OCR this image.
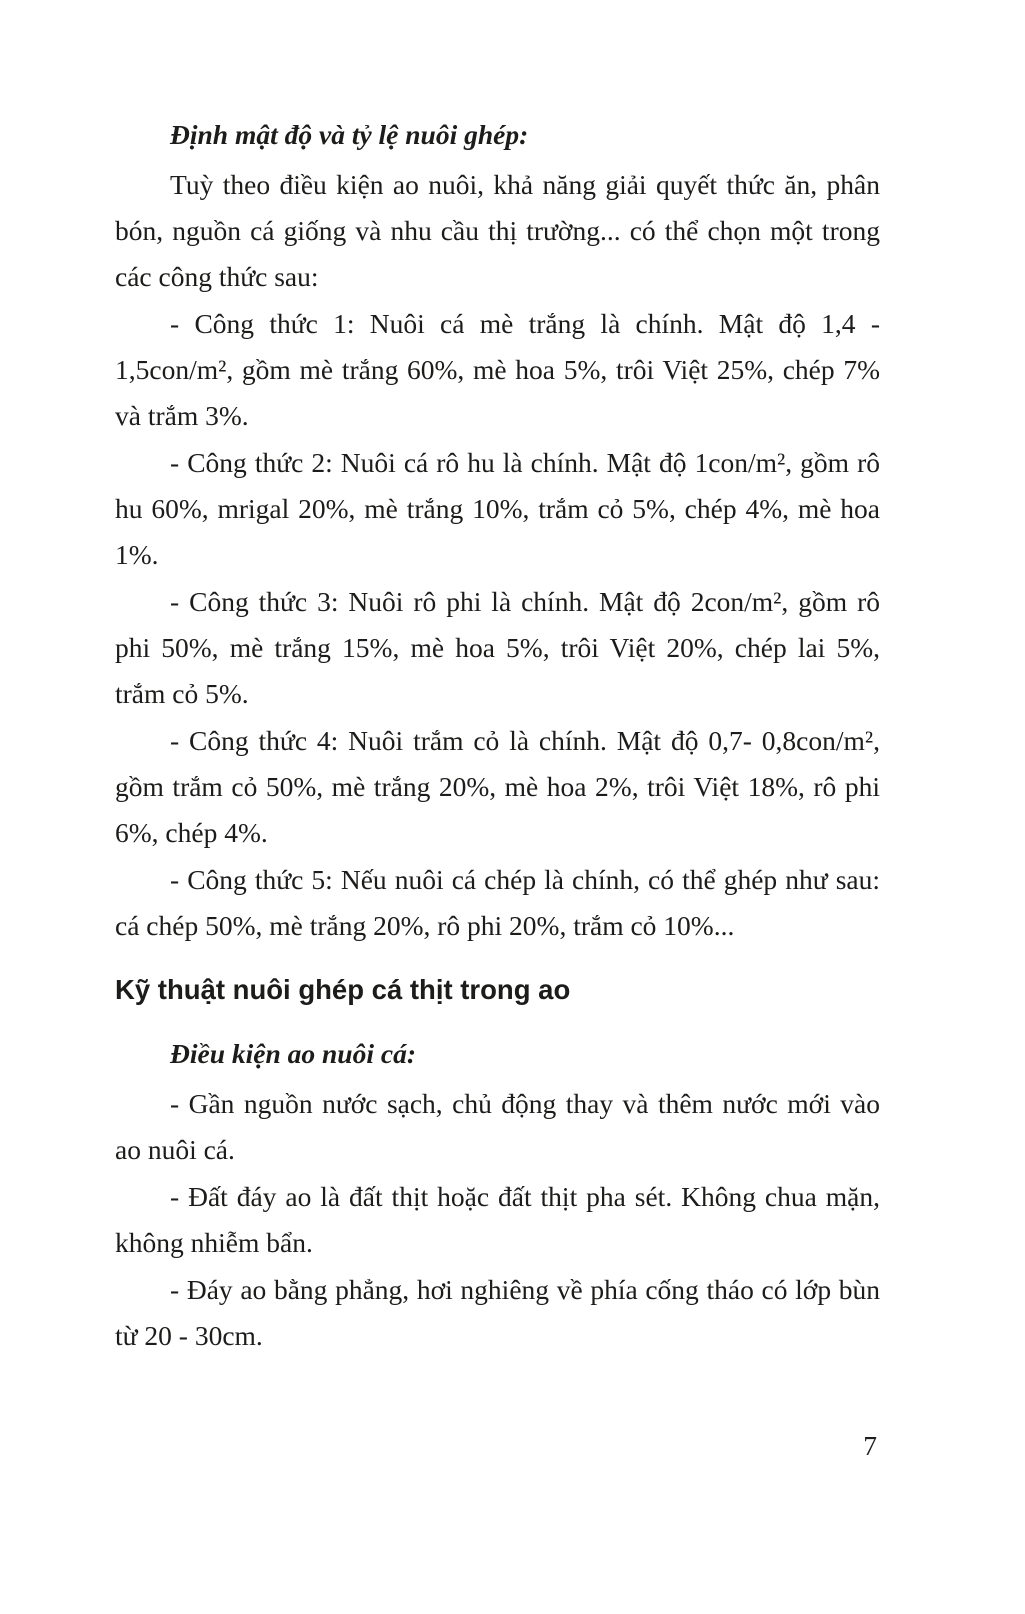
Định mật độ và tỷ lệ nuôi ghép:

Tuỳ theo điều kiện ao nuôi, khả năng giải quyết thức ăn, phân bón, nguồn cá giống và nhu cầu thị trường... có thể chọn một trong các công thức sau:

- Công thức 1: Nuôi cá mè trắng là chính. Mật độ 1,4 - 1,5con/m², gồm mè trắng 60%, mè hoa 5%, trôi Việt 25%, chép 7% và trắm 3%.

- Công thức 2: Nuôi cá rô hu là chính. Mật độ 1con/m², gồm rô hu 60%, mrigal 20%, mè trắng 10%, trắm cỏ 5%, chép 4%, mè hoa 1%.

- Công thức 3: Nuôi rô phi là chính. Mật độ 2con/m², gồm rô phi 50%, mè trắng 15%, mè hoa 5%, trôi Việt 20%, chép lai 5%, trắm cỏ 5%.

- Công thức 4: Nuôi trắm cỏ là chính. Mật độ 0,7- 0,8con/m², gồm trắm cỏ 50%, mè trắng 20%, mè hoa 2%, trôi Việt 18%, rô phi 6%, chép 4%.

- Công thức 5: Nếu nuôi cá chép là chính, có thể ghép như sau: cá chép 50%, mè trắng 20%, rô phi 20%, trắm cỏ 10%...

Kỹ thuật nuôi ghép cá thịt trong ao

Điều kiện ao nuôi cá:

- Gần nguồn nước sạch, chủ động thay và thêm nước mới vào ao nuôi cá.

- Đất đáy ao là đất thịt hoặc đất thịt pha sét. Không chua mặn, không nhiễm bẩn.

- Đáy ao bằng phẳng, hơi nghiêng về phía cống tháo có lớp bùn từ 20 - 30cm.

7
